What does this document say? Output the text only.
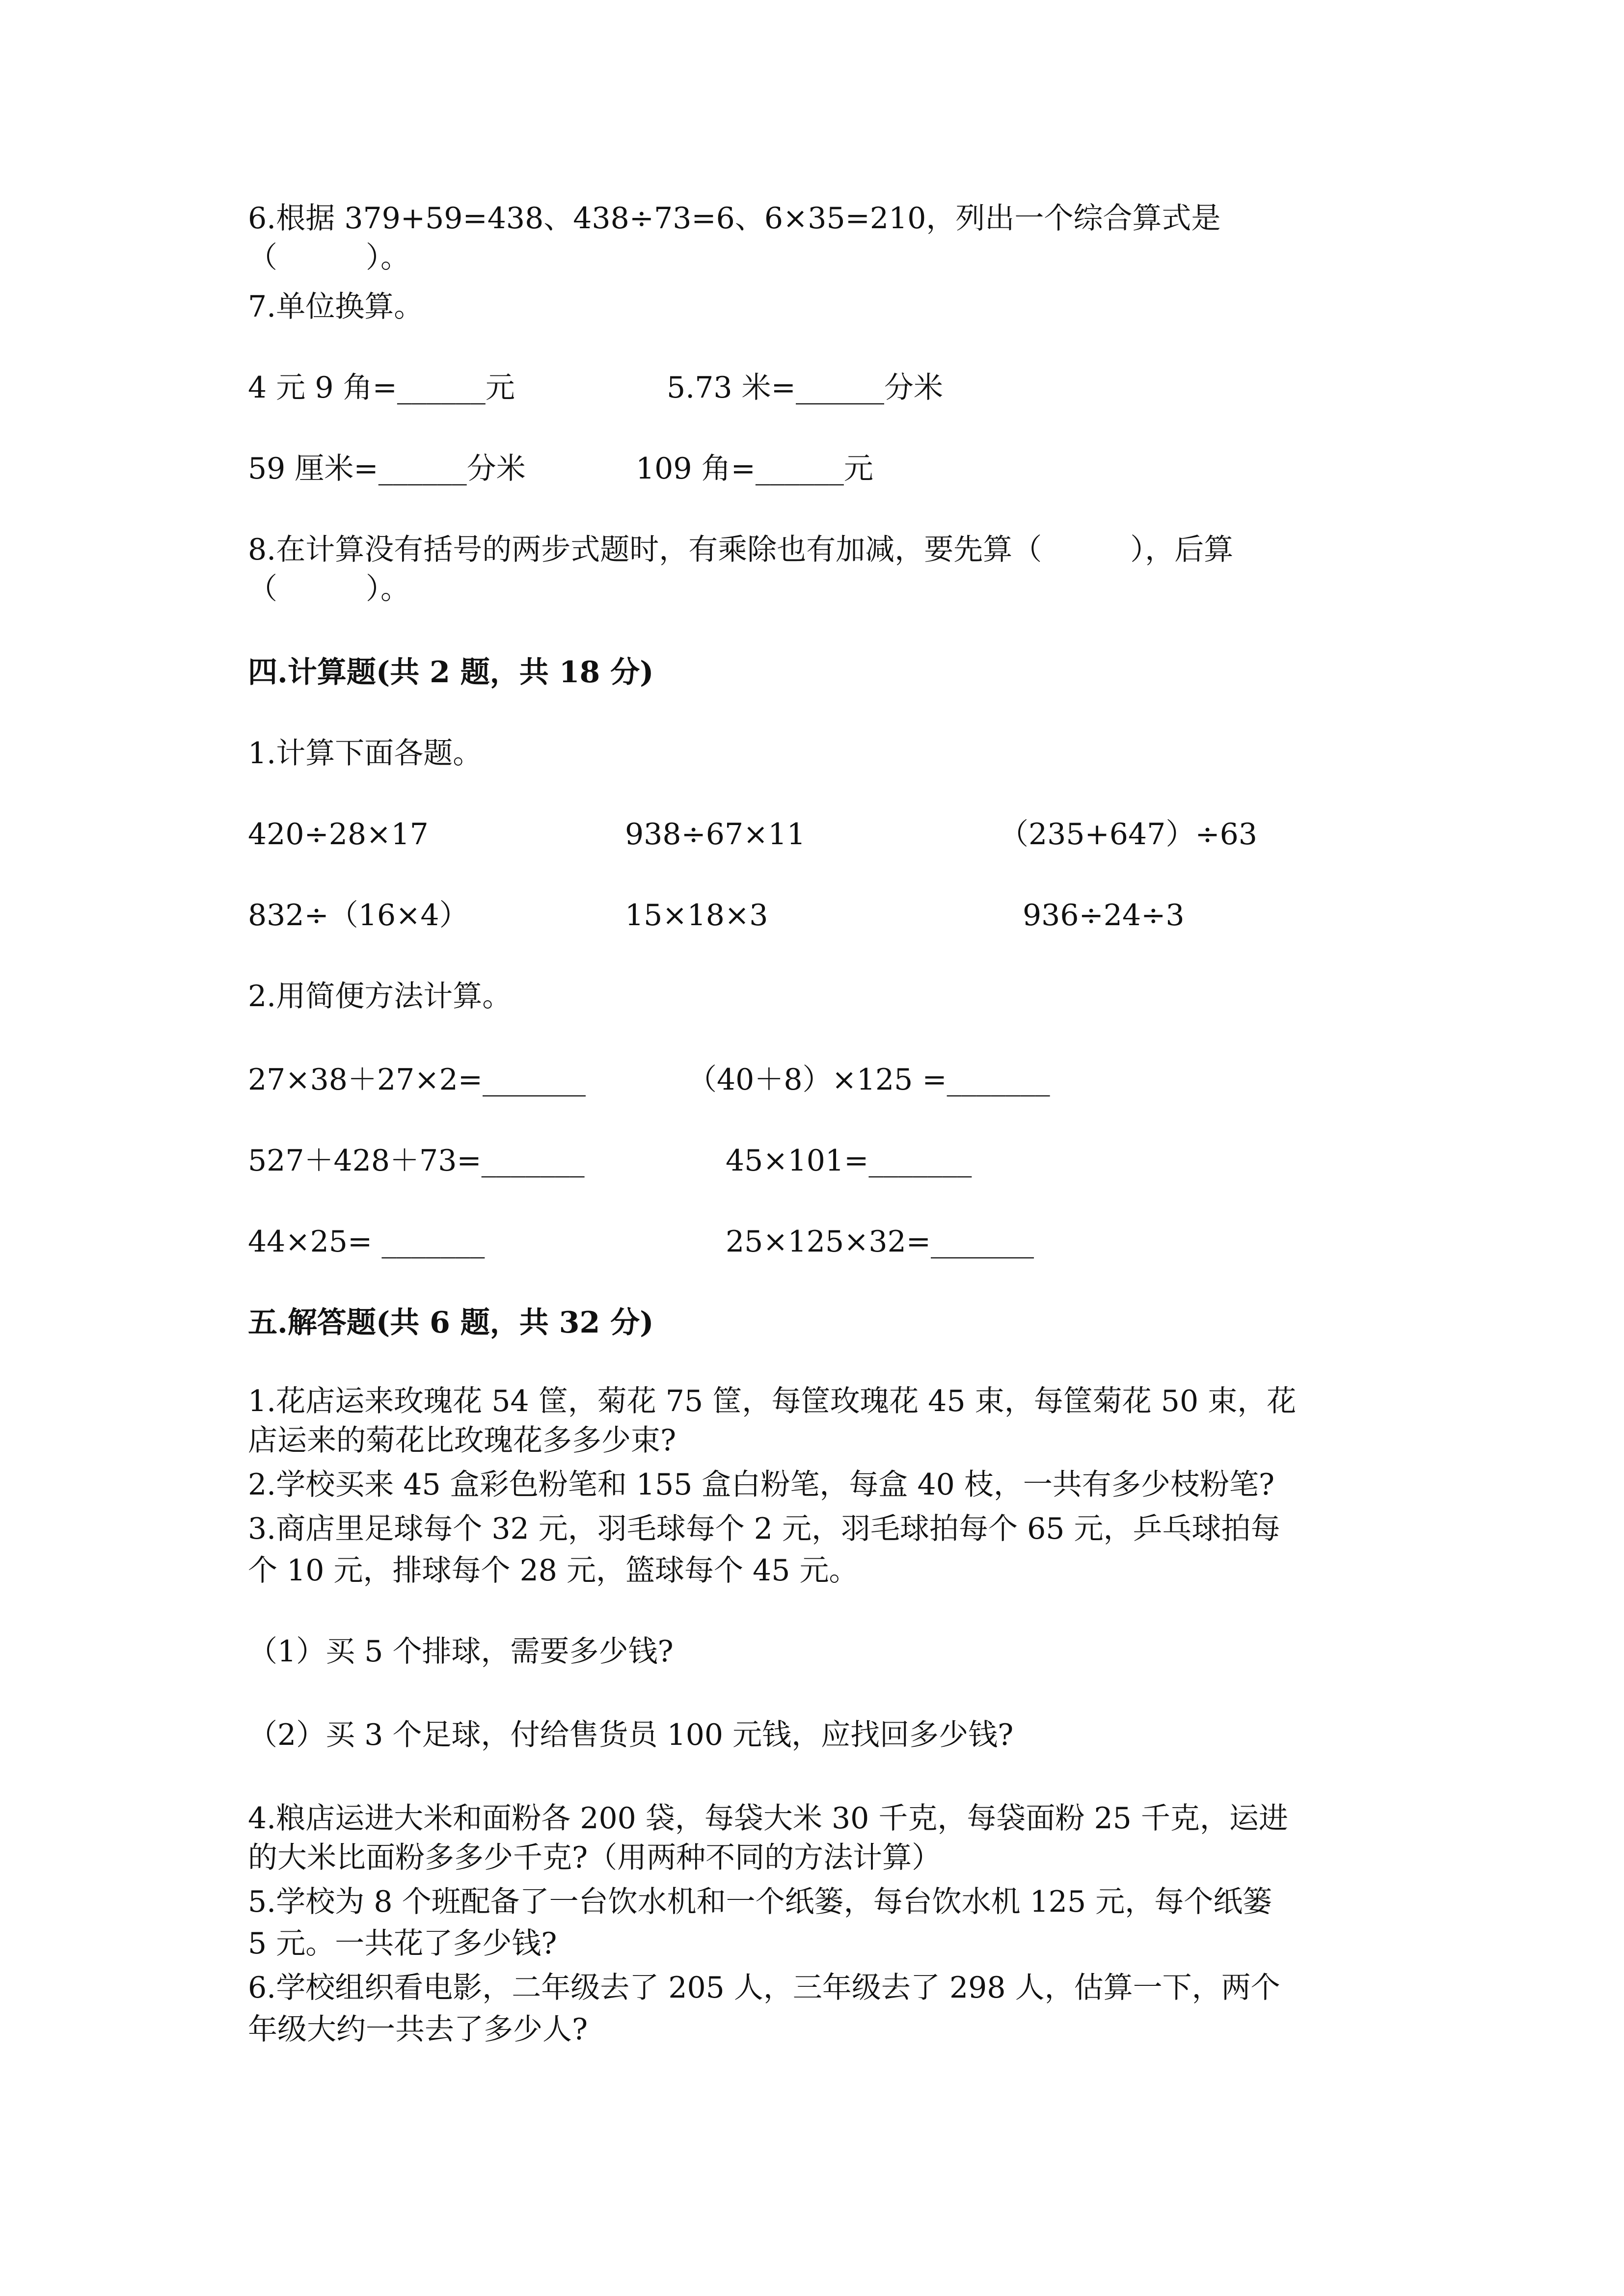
6.根据 379+59=438、438÷73=6、6×35=210，列出一个综合算式是
（　　　）。
7.单位换算。
4 元 9 角=______元	5.73 米=______分米
59 厘米=______分米	109 角=______元
8.在计算没有括号的两步式题时，有乘除也有加减，要先算（　　　），后算
（　　　）。
四.计算题(共 2 题，共 18 分)
1.计算下面各题。
420÷28×17	938÷67×11	（235+647）÷63
832÷（16×4）	15×18×3	936÷24÷3
2.用简便方法计算。
27×38＋27×2=_______	（40＋8）×125 =_______
527＋428＋73=_______	45×101=_______
44×25= _______	25×125×32=_______
五.解答题(共 6 题，共 32 分)
1.花店运来玫瑰花 54 筐，菊花 75 筐，每筐玫瑰花 45 束，每筐菊花 50 束，花
店运来的菊花比玫瑰花多多少束?
2.学校买来 45 盒彩色粉笔和 155 盒白粉笔，每盒 40 枝，一共有多少枝粉笔?
3.商店里足球每个 32 元，羽毛球每个 2 元，羽毛球拍每个 65 元，乒乓球拍每
个 10 元，排球每个 28 元，篮球每个 45 元。
（1）买 5 个排球，需要多少钱?
（2）买 3 个足球，付给售货员 100 元钱，应找回多少钱?
4.粮店运进大米和面粉各 200 袋，每袋大米 30 千克，每袋面粉 25 千克，运进
的大米比面粉多多少千克?（用两种不同的方法计算）
5.学校为 8 个班配备了一台饮水机和一个纸篓，每台饮水机 125 元，每个纸篓
5 元。一共花了多少钱?
6.学校组织看电影，二年级去了 205 人，三年级去了 298 人，估算一下，两个
年级大约一共去了多少人?
